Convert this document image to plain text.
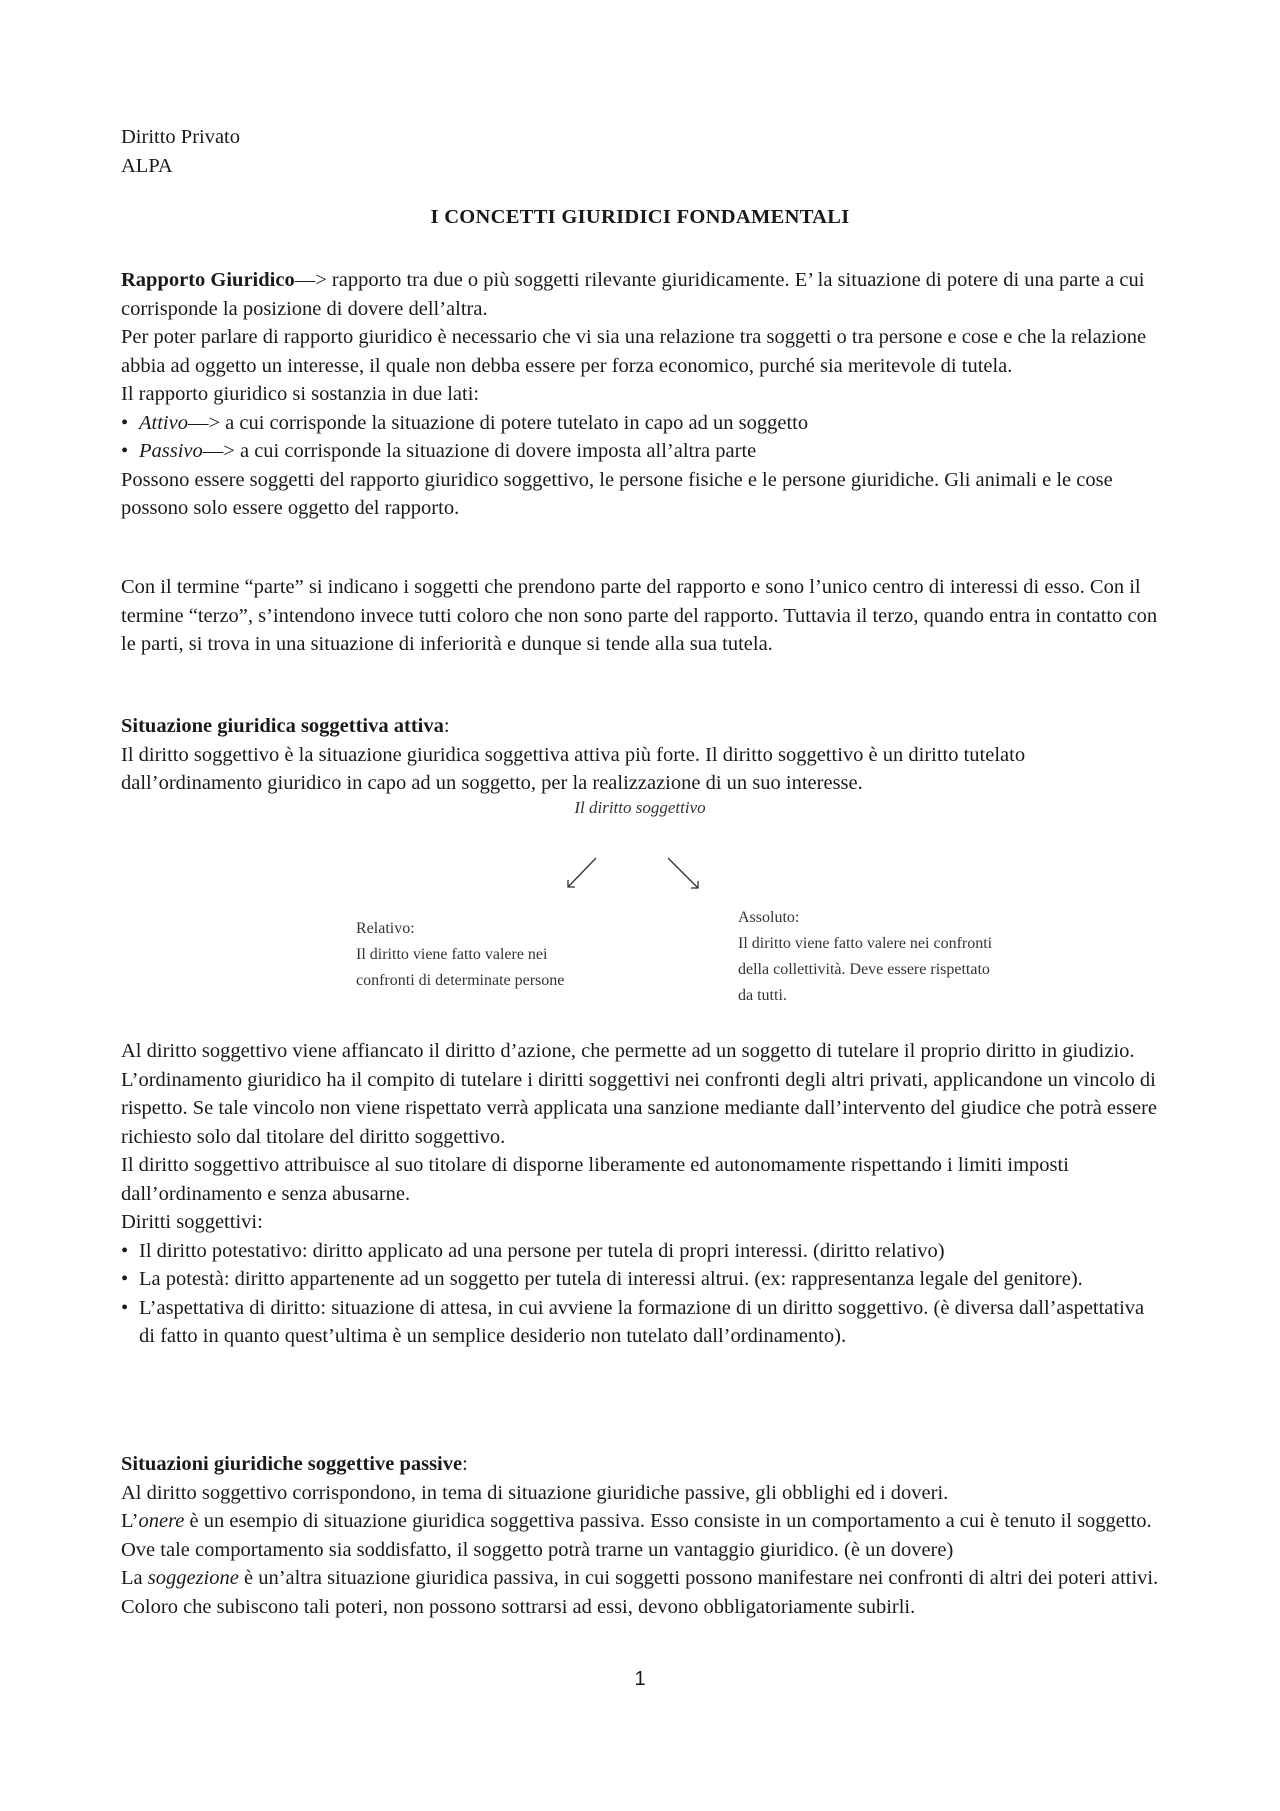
Diritto Privato

ALPA

I CONCETTI GIURIDICI FONDAMENTALI

Rapporto Giuridico—> rapporto tra due o più soggetti rilevante giuridicamente. E’ la situazione di potere di una parte a cui corrisponde la posizione di dovere dell’altra.

Per poter parlare di rapporto giuridico è necessario che vi sia una relazione tra soggetti o tra persone e cose e che la relazione abbia ad oggetto un interesse, il quale non debba essere per forza economico, purché sia meritevole di tutela.

Il rapporto giuridico si sostanzia in due lati:

• Attivo—> a cui corrisponde la situazione di potere tutelato in capo ad un soggetto

• Passivo—> a cui corrisponde la situazione di dovere imposta all’altra parte

Possono essere soggetti del rapporto giuridico soggettivo, le persone fisiche e le persone giuridiche. Gli animali e le cose possono solo essere oggetto del rapporto.

Con il termine “parte” si indicano i soggetti che prendono parte del rapporto e sono l’unico centro di interessi di esso. Con il termine “terzo”, s’intendono invece tutti coloro che non sono parte del rapporto. Tuttavia il terzo, quando entra in contatto con le parti, si trova in una situazione di inferiorità e dunque si tende alla sua tutela.

Situazione giuridica soggettiva attiva:

Il diritto soggettivo è la situazione giuridica soggettiva attiva più forte. Il diritto soggettivo è un diritto tutelato dall’ordinamento giuridico in capo ad un soggetto, per la realizzazione di un suo interesse.

Il diritto soggettivo
Relativo:
Il diritto viene fatto valere nei
confronti di determinate persone
Assoluto:
Il diritto viene fatto valere nei confronti
della collettività. Deve essere rispettato
da tutti.

Al diritto soggettivo viene affiancato il diritto d’azione, che permette ad un soggetto di tutelare il proprio diritto in giudizio. L’ordinamento giuridico ha il compito di tutelare i diritti soggettivi nei confronti degli altri privati, applicandone un vincolo di rispetto. Se tale vincolo non viene rispettato verrà applicata una sanzione mediante dall’intervento del giudice che potrà essere richiesto solo dal titolare del diritto soggettivo.

Il diritto soggettivo attribuisce al suo titolare di disporne liberamente ed autonomamente rispettando i limiti imposti dall’ordinamento e senza abusarne.

Diritti soggettivi:

• Il diritto potestativo: diritto applicato ad una persone per tutela di propri interessi. (diritto relativo)

• La potestà: diritto appartenente ad un soggetto per tutela di interessi altrui. (ex: rappresentanza legale del genitore).

• L’aspettativa di diritto: situazione di attesa, in cui avviene la formazione di un diritto soggettivo. (è diversa dall’aspettativa di fatto in quanto quest’ultima è un semplice desiderio non tutelato dall’ordinamento).

Situazioni giuridiche soggettive passive:

Al diritto soggettivo corrispondono, in tema di situazione giuridiche passive, gli obblighi ed i doveri.

L’onere è un esempio di situazione giuridica soggettiva passiva. Esso consiste in un comportamento a cui è tenuto il soggetto. Ove tale comportamento sia soddisfatto, il soggetto potrà trarne un vantaggio giuridico. (è un dovere)

La soggezione è un’altra situazione giuridica passiva, in cui soggetti possono manifestare nei confronti di altri dei poteri attivi. Coloro che subiscono tali poteri, non possono sottrarsi ad essi, devono obbligatoriamente subirli.

1
